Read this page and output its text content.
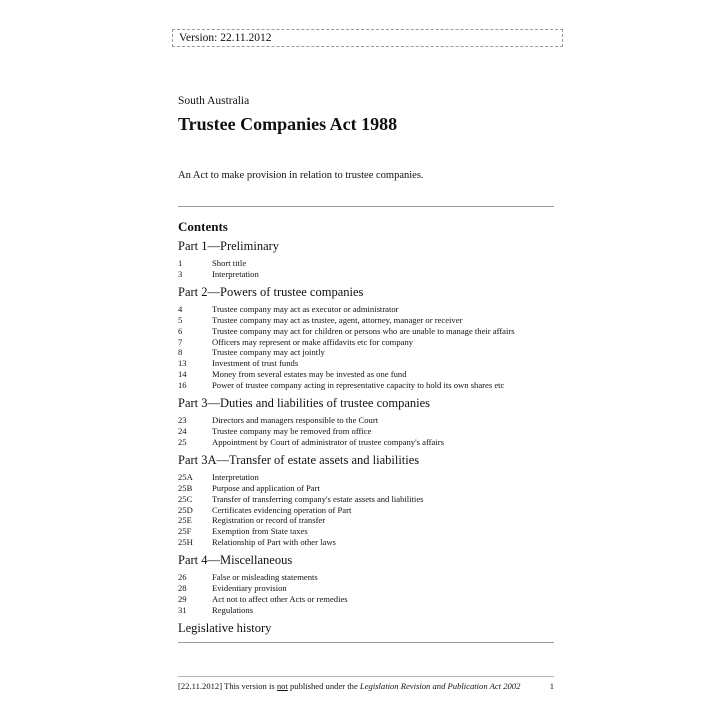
Version: 22.11.2012
South Australia
Trustee Companies Act 1988
An Act to make provision in relation to trustee companies.
Contents
Part 1—Preliminary
1	Short title
3	Interpretation
Part 2—Powers of trustee companies
4	Trustee company may act as executor or administrator
5	Trustee company may act as trustee, agent, attorney, manager or receiver
6	Trustee company may act for children or persons who are unable to manage their affairs
7	Officers may represent or make affidavits etc for company
8	Trustee company may act jointly
13	Investment of trust funds
14	Money from several estates may be invested as one fund
16	Power of trustee company acting in representative capacity to hold its own shares etc
Part 3—Duties and liabilities of trustee companies
23	Directors and managers responsible to the Court
24	Trustee company may be removed from office
25	Appointment by Court of administrator of trustee company's affairs
Part 3A—Transfer of estate assets and liabilities
25A	Interpretation
25B	Purpose and application of Part
25C	Transfer of transferring company's estate assets and liabilities
25D	Certificates evidencing operation of Part
25E	Registration or record of transfer
25F	Exemption from State taxes
25H	Relationship of Part with other laws
Part 4—Miscellaneous
26	False or misleading statements
28	Evidentiary provision
29	Act not to affect other Acts or remedies
31	Regulations
Legislative history
[22.11.2012] This version is not published under the Legislation Revision and Publication Act 2002	1
